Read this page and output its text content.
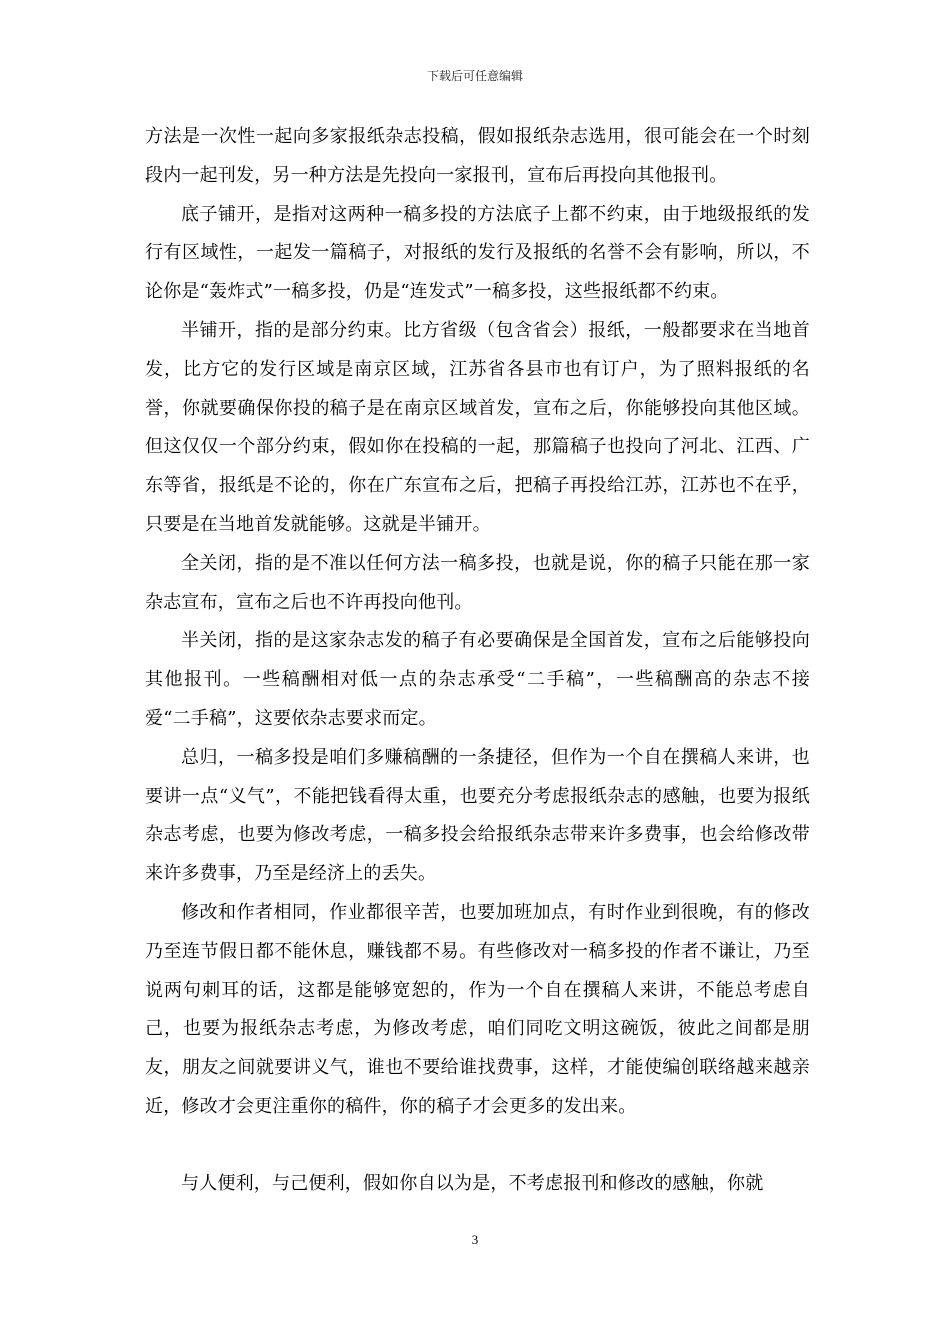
下载后可任意编辑

方法是一次性一起向多家报纸杂志投稿，假如报纸杂志选用，很可能会在一个时刻段内一起刊发，另一种方法是先投向一家报刊，宣布后再投向其他报刊。

底子铺开，是指对这两种一稿多投的方法底子上都不约束，由于地级报纸的发行有区域性，一起发一篇稿子，对报纸的发行及报纸的名誉不会有影响，所以，不论你是“轰炸式”一稿多投，仍是“连发式”一稿多投，这些报纸都不约束。

半铺开，指的是部分约束。比方省级（包含省会）报纸，一般都要求在当地首发，比方它的发行区域是南京区域，江苏省各县市也有订户，为了照料报纸的名誉，你就要确保你投的稿子是在南京区域首发，宣布之后，你能够投向其他区域。但这仅仅一个部分约束，假如你在投稿的一起，那篇稿子也投向了河北、江西、广东等省，报纸是不论的，你在广东宣布之后，把稿子再投给江苏，江苏也不在乎，只要是在当地首发就能够。这就是半铺开。

全关闭，指的是不准以任何方法一稿多投，也就是说，你的稿子只能在那一家杂志宣布，宣布之后也不许再投向他刊。

半关闭，指的是这家杂志发的稿子有必要确保是全国首发，宣布之后能够投向其他报刊。一些稿酬相对低一点的杂志承受“二手稿”，一些稿酬高的杂志不接爱“二手稿”，这要依杂志要求而定。

总归，一稿多投是咱们多赚稿酬的一条捷径，但作为一个自在撰稿人来讲，也要讲一点“义气”，不能把钱看得太重，也要充分考虑报纸杂志的感触，也要为报纸杂志考虑，也要为修改考虑，一稿多投会给报纸杂志带来许多费事，也会给修改带来许多费事，乃至是经济上的丢失。

修改和作者相同，作业都很辛苦，也要加班加点，有时作业到很晚，有的修改乃至连节假日都不能休息，赚钱都不易。有些修改对一稿多投的作者不谦让，乃至说两句刺耳的话，这都是能够宽恕的，作为一个自在撰稿人来讲，不能总考虑自己，也要为报纸杂志考虑，为修改考虑，咱们同吃文明这碗饭，彼此之间都是朋友，朋友之间就要讲义气，谁也不要给谁找费事，这样，才能使编创联络越来越亲近，修改才会更注重你的稿件，你的稿子才会更多的发出来。

与人便利，与己便利，假如你自以为是，不考虑报刊和修改的感触，你就

3
